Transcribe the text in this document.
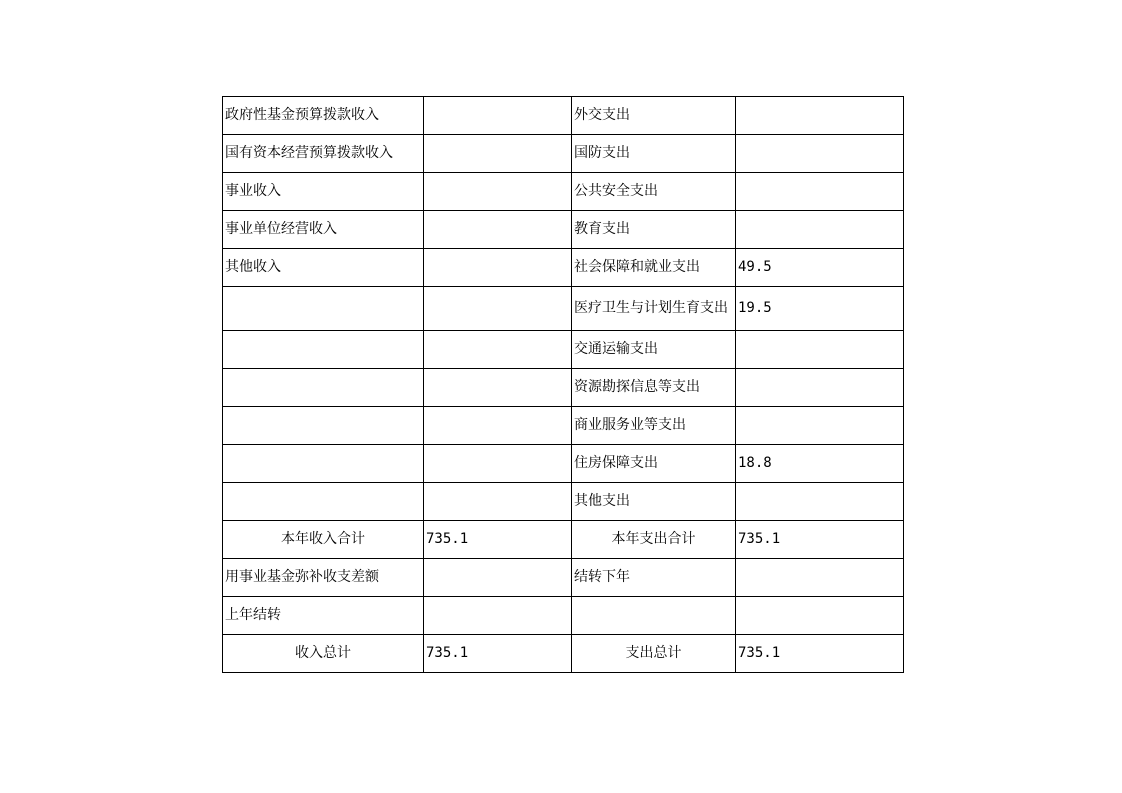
政府性基金预算拨款收入		外交支出	
国有资本经营预算拨款收入		国防支出	
事业收入		公共安全支出	
事业单位经营收入		教育支出	
其他收入		社会保障和就业支出	49.5
		医疗卫生与计划生育支出	19.5
		交通运输支出	
		资源勘探信息等支出	
		商业服务业等支出	
		住房保障支出	18.8
		其他支出	
本年收入合计	735.1	本年支出合计	735.1
用事业基金弥补收支差额		结转下年	
上年结转			
收入总计	735.1	支出总计	735.1
